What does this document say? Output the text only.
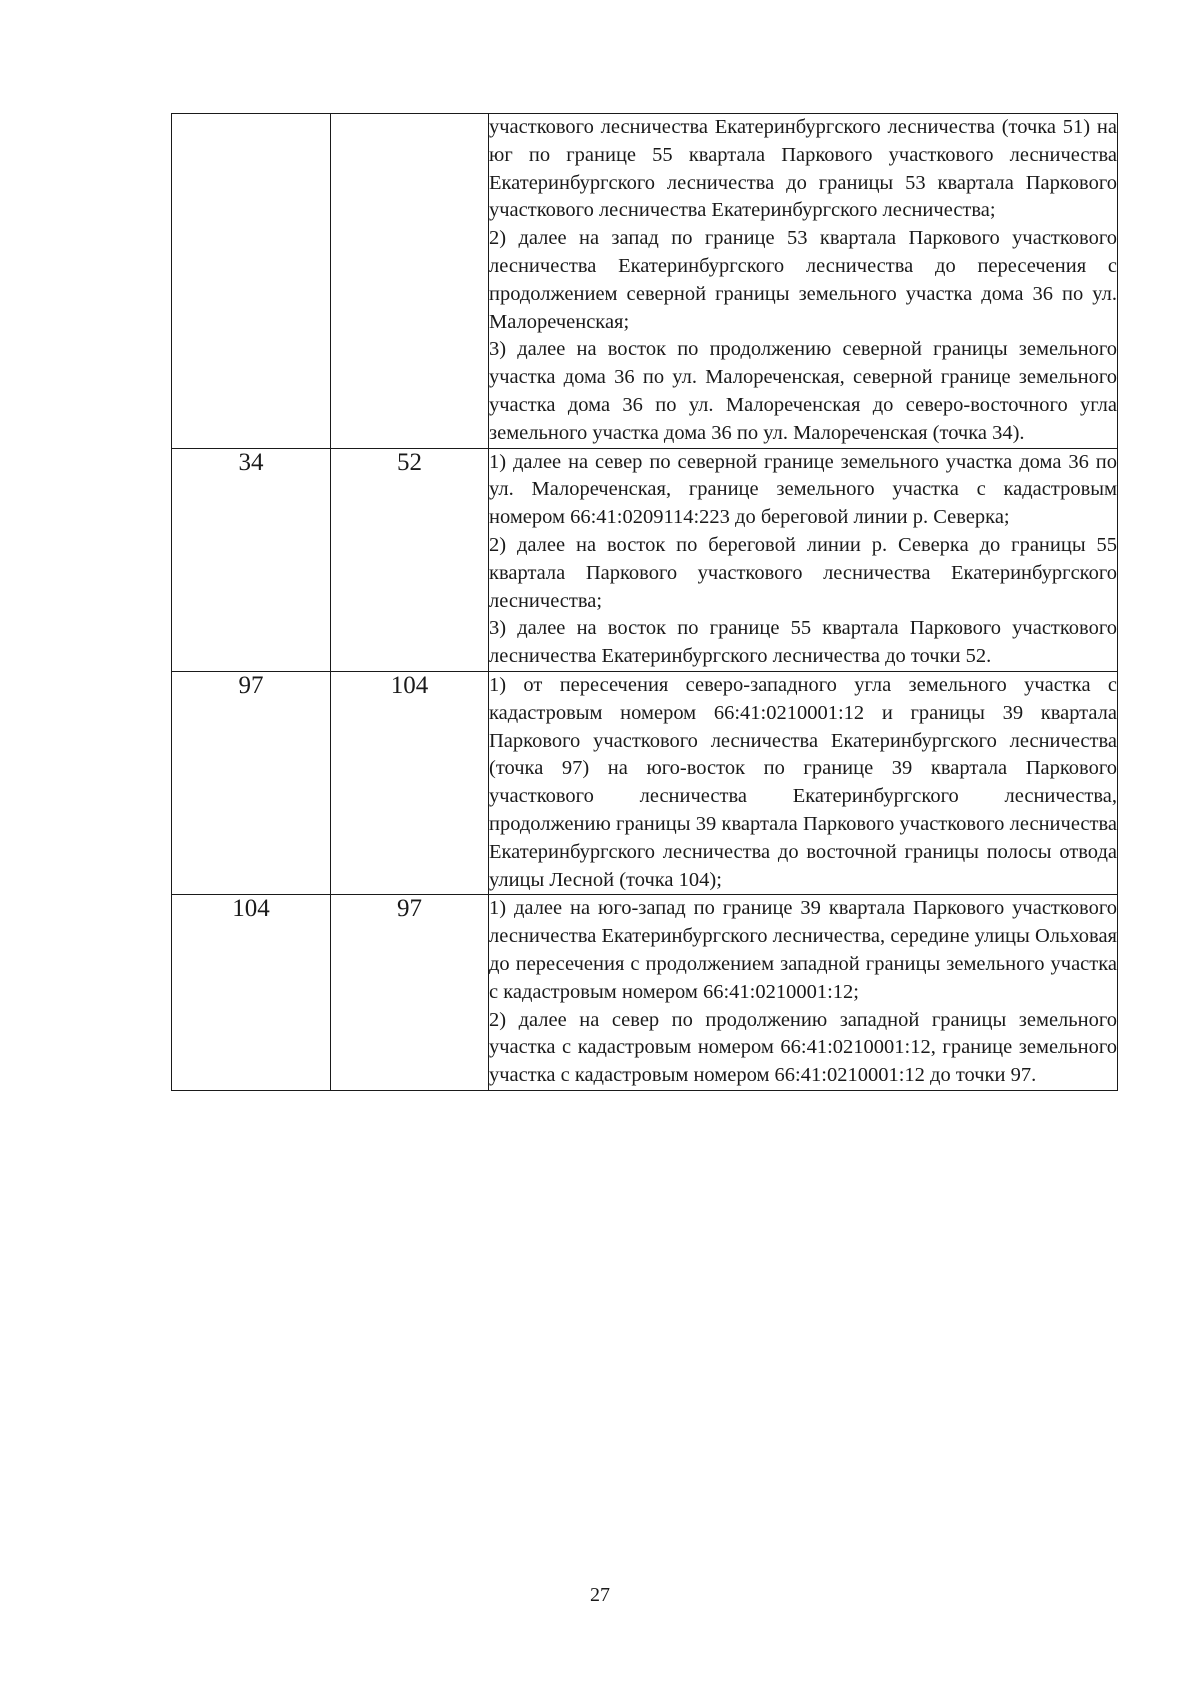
		участкового лесничества Екатеринбургского лесничества (точка 51) на юг по границе 55 квартала Паркового участкового лесничества Екатеринбургского лесничества до границы 53 квартала Паркового участкового лесничества Екатеринбургского лесничества;

2) далее на запад по границе 53 квартала Паркового участкового лесничества Екатеринбургского лесничества до пересечения с продолжением северной границы земельного участка дома 36 по ул. Малореченская;

3) далее на восток по продолжению северной границы земельного участка дома 36 по ул. Малореченская, северной границе земельного участка дома 36 по ул. Малореченская до северо-восточного угла земельного участка дома 36 по ул. Малореченская (точка 34).

34	52	1) далее на север по северной границе земельного участка дома 36 по ул. Малореченская, границе земельного участка с кадастровым номером 66:41:0209114:223 до береговой линии р. Северка;

2) далее на восток по береговой линии р. Северка до границы 55 квартала Паркового участкового лесничества Екатеринбургского лесничества;

3) далее на восток по границе 55 квартала Паркового участкового лесничества Екатеринбургского лесничества до точки 52.

97	104	1) от пересечения северо-западного угла земельного участка с кадастровым номером 66:41:0210001:12 и границы 39 квартала Паркового участкового лесничества Екатеринбургского лесничества (точка 97) на юго-восток по границе 39 квартала Паркового участкового лесничества Екатеринбургского лесничества, продолжению границы 39 квартала Паркового участкового лесничества Екатеринбургского лесничества до восточной границы полосы отвода улицы Лесной (точка 104);

104	97	1) далее на юго-запад по границе 39 квартала Паркового участкового лесничества Екатеринбургского лесничества, середине улицы Ольховая до пересечения с продолжением западной границы земельного участка с кадастровым номером 66:41:0210001:12;

2) далее на север по продолжению западной границы земельного участка с кадастровым номером 66:41:0210001:12, границе земельного участка с кадастровым номером 66:41:0210001:12 до точки 97.

27
